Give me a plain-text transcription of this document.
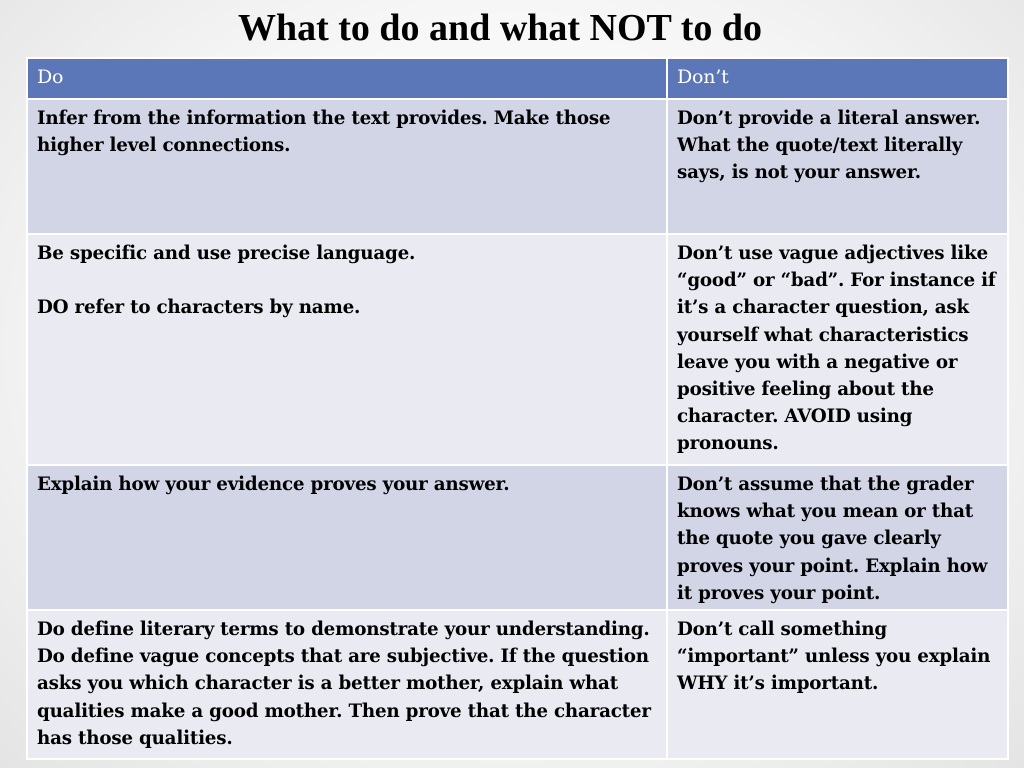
What to do and what NOT to do
Do	Don’t

Infer from the information the text provides. Make those higher level connections.	Don’t provide a literal answer. What the quote/text literally says, is not your answer.

Be specific and use precise language.
DO refer to characters by name.	Don’t use vague adjectives like “good” or “bad”. For instance if it’s a character question, ask yourself what characteristics leave you with a negative or positive feeling about the character. AVOID using pronouns.

Explain how your evidence proves your answer.	Don’t assume that the grader knows what you mean or that the quote you gave clearly proves your point. Explain how it proves your point.

Do define literary terms to demonstrate your understanding. Do define vague concepts that are subjective. If the question asks you which character is a better mother, explain what qualities make a good mother. Then prove that the character has those qualities.	Don’t call something “important” unless you explain WHY it’s important.
